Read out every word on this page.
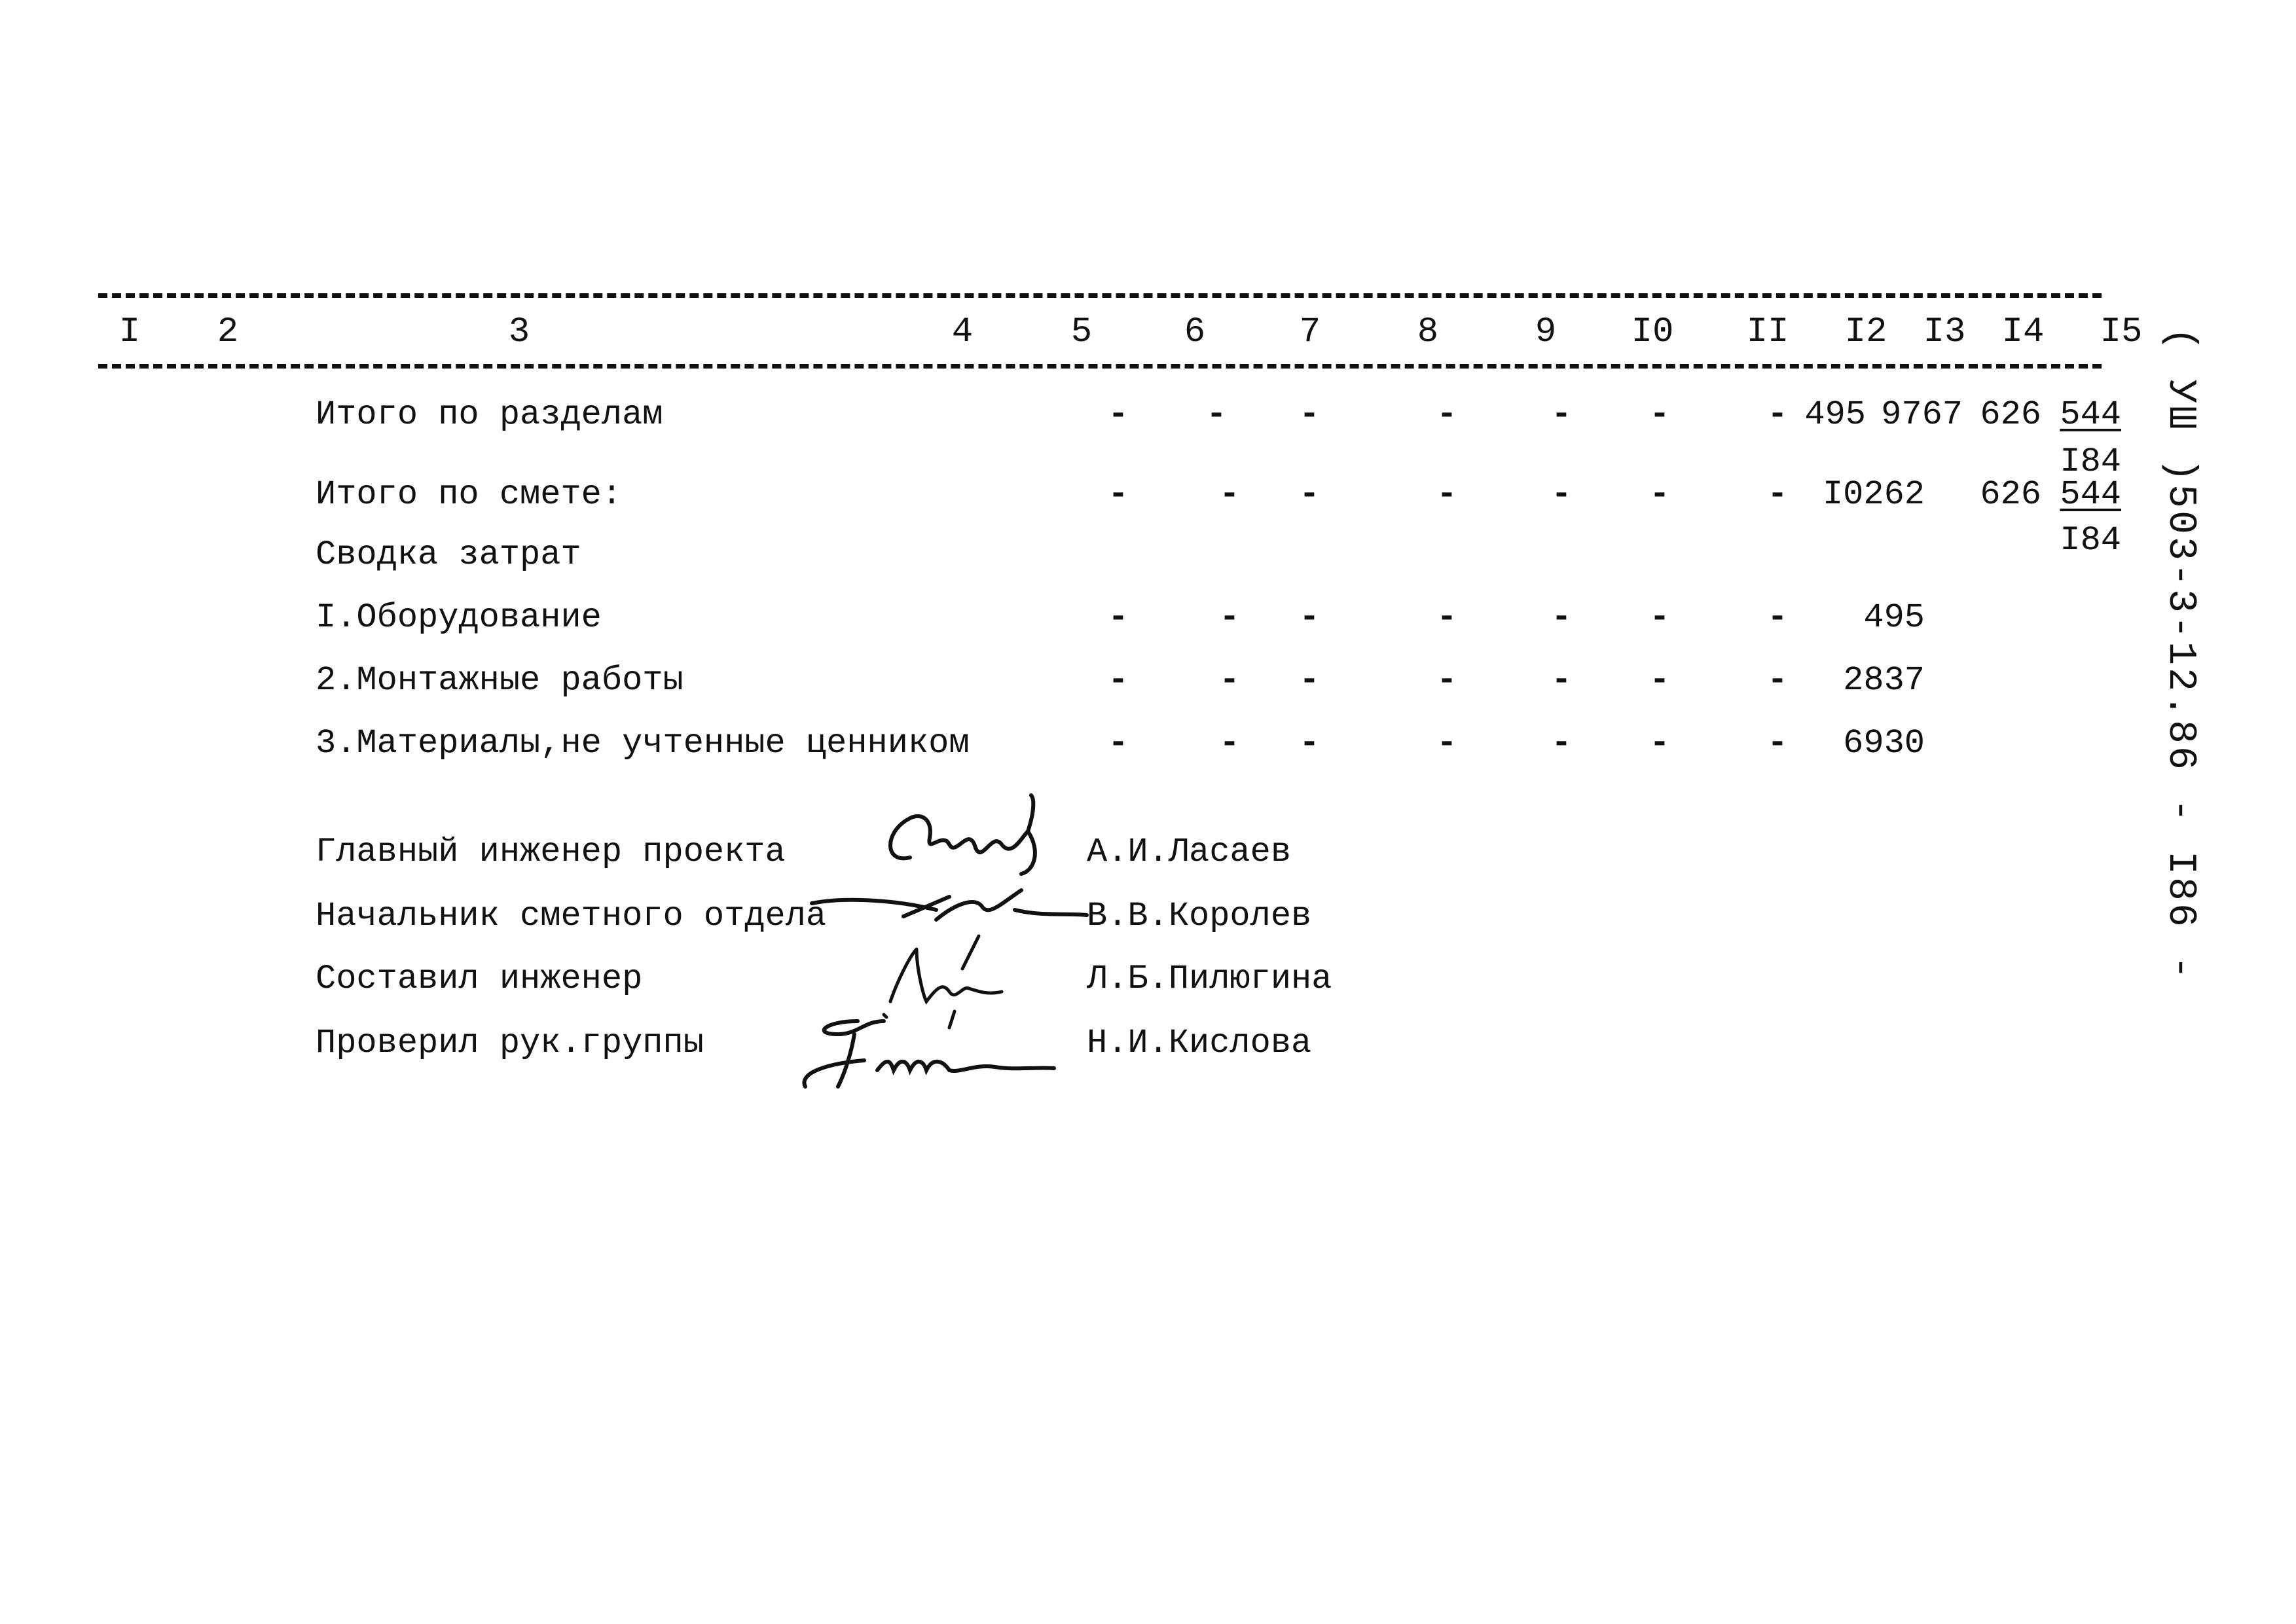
I 2	3	4	5	6	7	8	9 I0 II I2 I3 I4 I5
Итого по разделам	- - -	-	- -	- 495 9767 626 544
I84
Итого по смете:	-	- -	-	- -	- I0262 626 544
I84
Сводка затрат
I.Оборудование	-	- -	-	- -	- 495
2.Монтажные работы	-	- -	-	- -	- 2837
3.Материалы,не учтенные ценником	-	- -	-	- -	- 6930
Главный инженер проекта	А.И.Ласаев
Начальник сметного отдела	В.В.Королев
Составил инженер	Л.Б.Пилюгина
Проверил рук.группы	Н.И.Кислова
( УШ )503-3-12.86 - I86 -
